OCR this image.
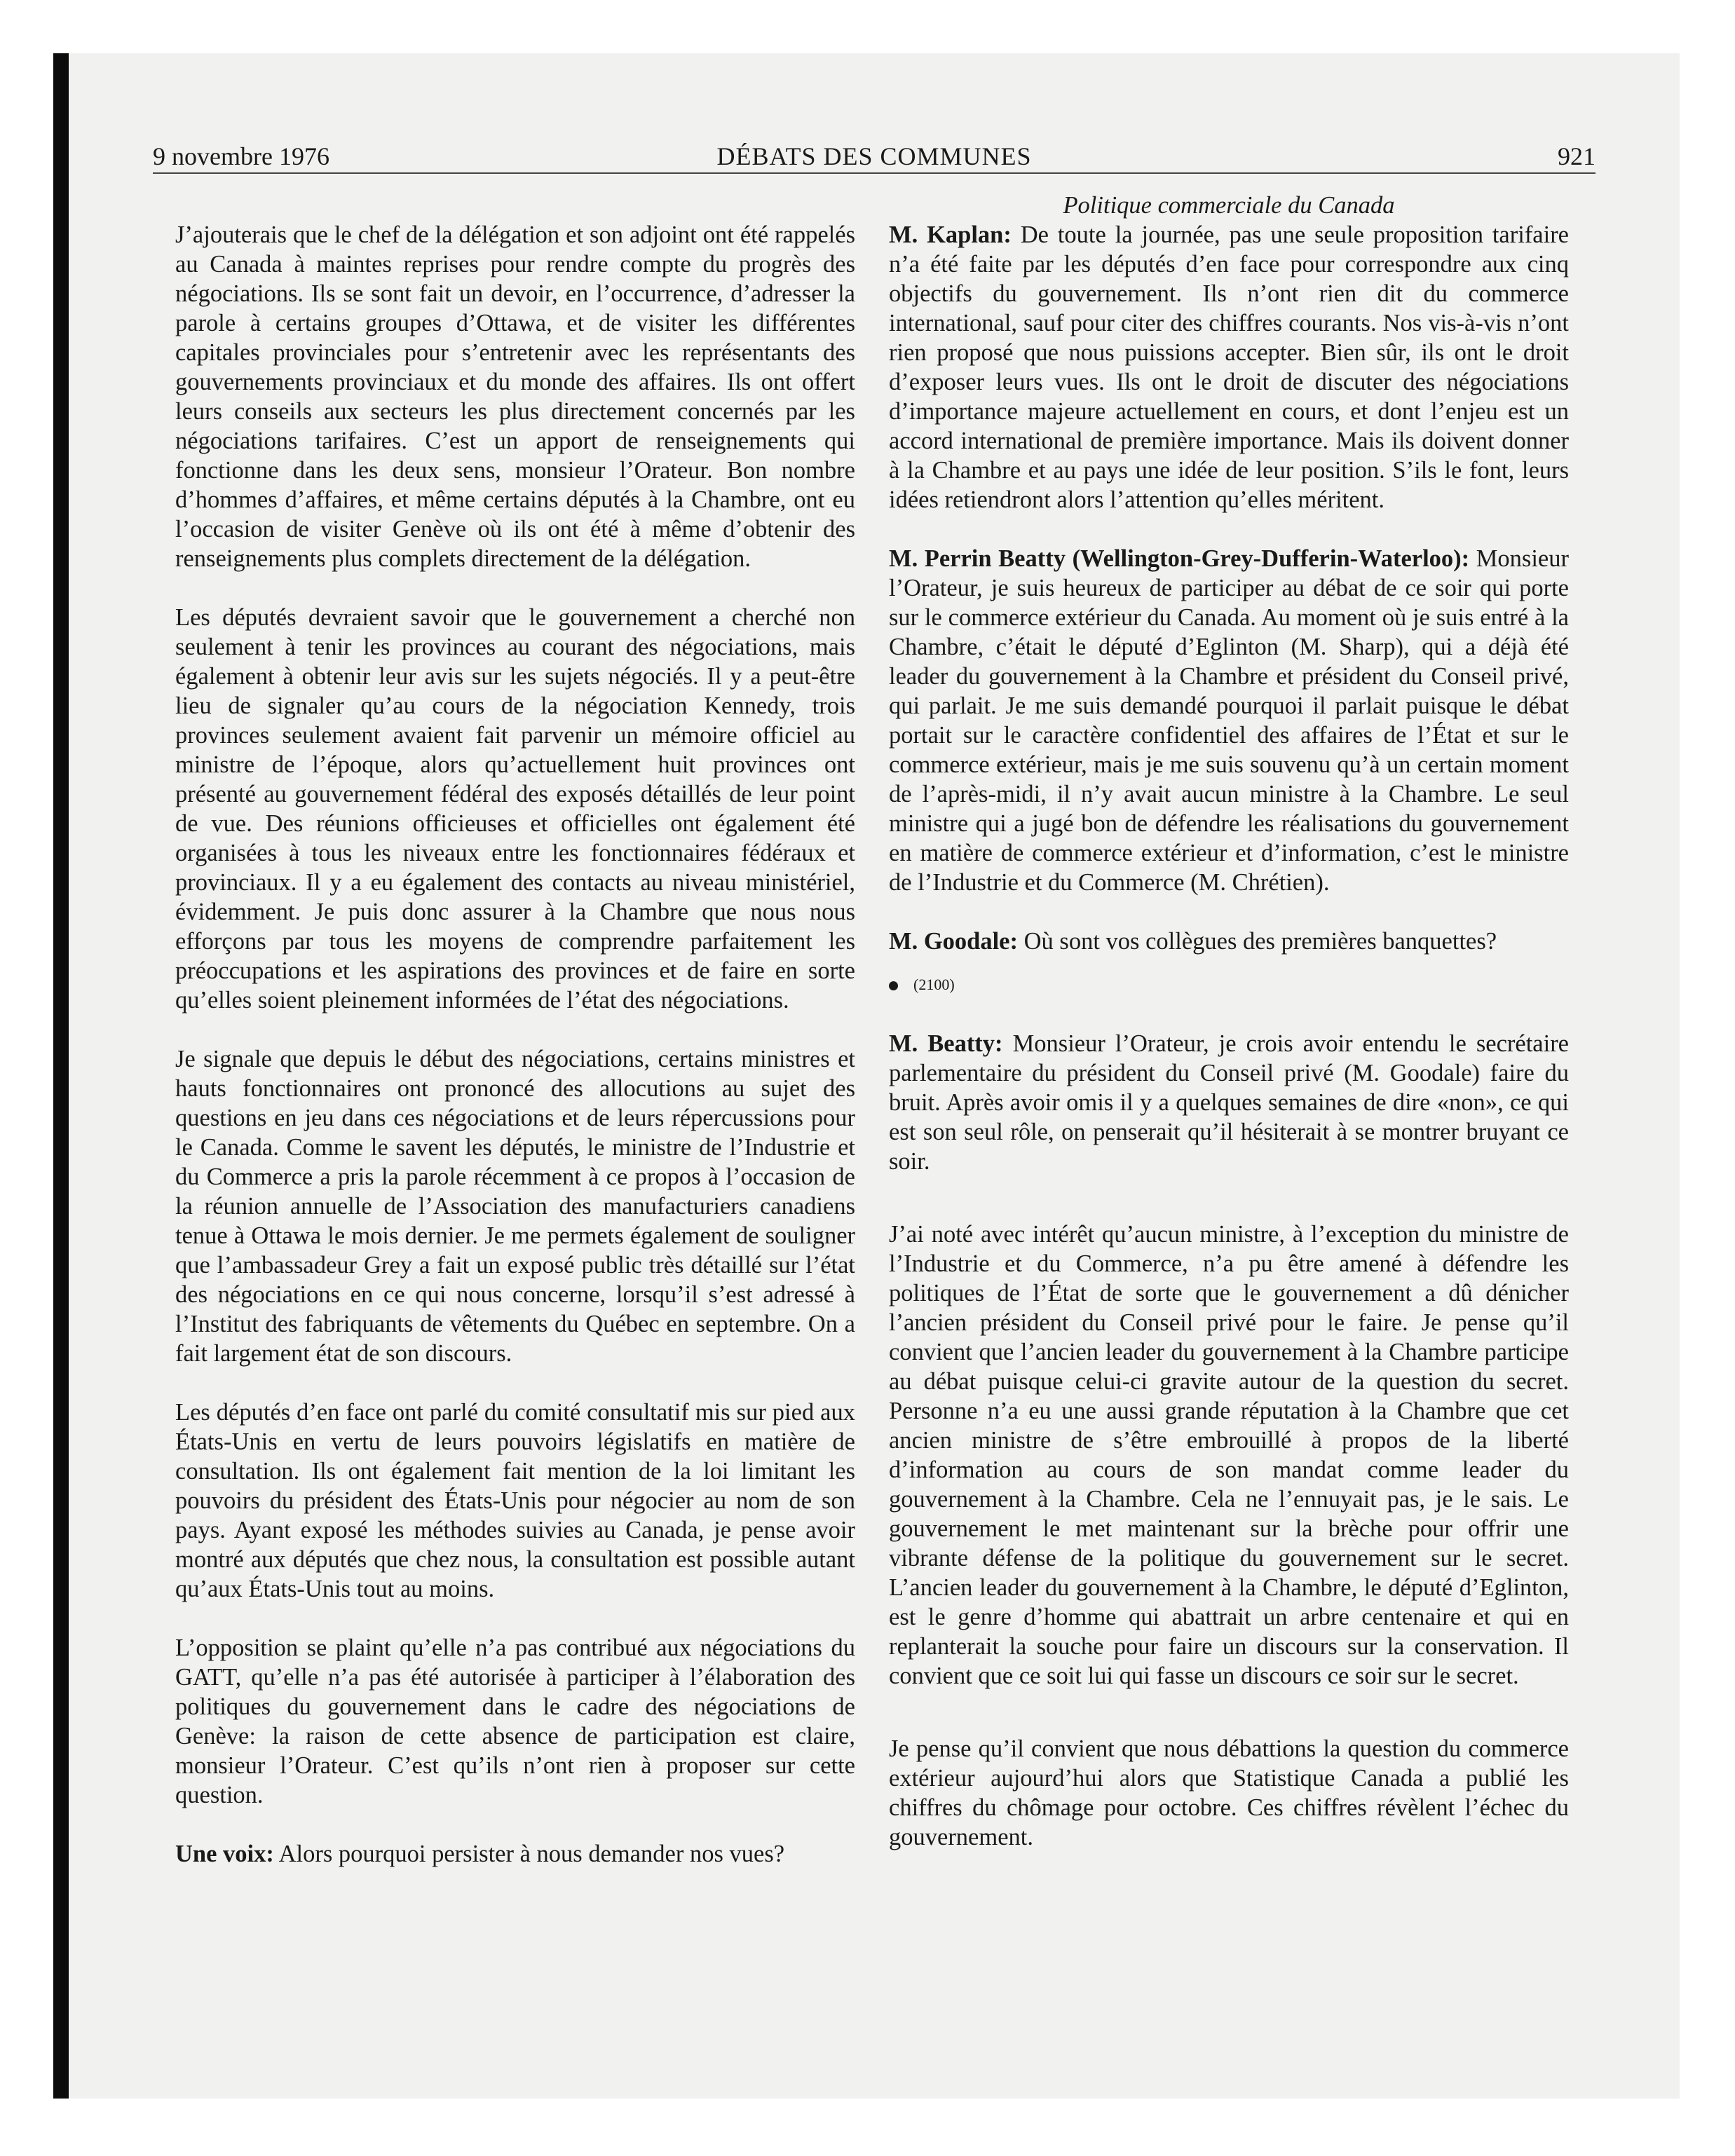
9 novembre 1976	DÉBATS DES COMMUNES	921

J’ajouterais que le chef de la délégation et son adjoint ont été rappelés au Canada à maintes reprises pour rendre compte du progrès des négociations. Ils se sont fait un devoir, en l’occurrence, d’adresser la parole à certains groupes d’Ottawa, et de visiter les différentes capitales provinciales pour s’entretenir avec les représentants des gouvernements provinciaux et du monde des affaires. Ils ont offert leurs conseils aux secteurs les plus directement concernés par les négociations tarifaires. C’est un apport de renseignements qui fonctionne dans les deux sens, monsieur l’Orateur. Bon nombre d’hommes d’affaires, et même certains députés à la Chambre, ont eu l’occasion de visiter Genève où ils ont été à même d’obtenir des renseignements plus complets directement de la délégation.

Les députés devraient savoir que le gouvernement a cherché non seulement à tenir les provinces au courant des négociations, mais également à obtenir leur avis sur les sujets négociés. Il y a peut-être lieu de signaler qu’au cours de la négociation Kennedy, trois provinces seulement avaient fait parvenir un mémoire officiel au ministre de l’époque, alors qu’actuellement huit provinces ont présenté au gouvernement fédéral des exposés détaillés de leur point de vue. Des réunions officieuses et officielles ont également été organisées à tous les niveaux entre les fonctionnaires fédéraux et provinciaux. Il y a eu également des contacts au niveau ministériel, évidemment. Je puis donc assurer à la Chambre que nous nous efforçons par tous les moyens de comprendre parfaitement les préoccupations et les aspirations des provinces et de faire en sorte qu’elles soient pleinement informées de l’état des négociations.

Je signale que depuis le début des négociations, certains ministres et hauts fonctionnaires ont prononcé des allocutions au sujet des questions en jeu dans ces négociations et de leurs répercussions pour le Canada. Comme le savent les députés, le ministre de l’Industrie et du Commerce a pris la parole récemment à ce propos à l’occasion de la réunion annuelle de l’Association des manufacturiers canadiens tenue à Ottawa le mois dernier. Je me permets également de souligner que l’ambassadeur Grey a fait un exposé public très détaillé sur l’état des négociations en ce qui nous concerne, lorsqu’il s’est adressé à l’Institut des fabriquants de vêtements du Québec en septembre. On a fait largement état de son discours.

Les députés d’en face ont parlé du comité consultatif mis sur pied aux États-Unis en vertu de leurs pouvoirs législatifs en matière de consultation. Ils ont également fait mention de la loi limitant les pouvoirs du président des États-Unis pour négocier au nom de son pays. Ayant exposé les méthodes suivies au Canada, je pense avoir montré aux députés que chez nous, la consultation est possible autant qu’aux États-Unis tout au moins.

L’opposition se plaint qu’elle n’a pas contribué aux négociations du GATT, qu’elle n’a pas été autorisée à participer à l’élaboration des politiques du gouvernement dans le cadre des négociations de Genève: la raison de cette absence de participation est claire, monsieur l’Orateur. C’est qu’ils n’ont rien à proposer sur cette question.

Une voix: Alors pourquoi persister à nous demander nos vues?

Politique commerciale du Canada

M. Kaplan: De toute la journée, pas une seule proposition tarifaire n’a été faite par les députés d’en face pour correspondre aux cinq objectifs du gouvernement. Ils n’ont rien dit du commerce international, sauf pour citer des chiffres courants. Nos vis-à-vis n’ont rien proposé que nous puissions accepter. Bien sûr, ils ont le droit d’exposer leurs vues. Ils ont le droit de discuter des négociations d’importance majeure actuellement en cours, et dont l’enjeu est un accord international de première importance. Mais ils doivent donner à la Chambre et au pays une idée de leur position. S’ils le font, leurs idées retiendront alors l’attention qu’elles méritent.

M. Perrin Beatty (Wellington-Grey-Dufferin-Waterloo): Monsieur l’Orateur, je suis heureux de participer au débat de ce soir qui porte sur le commerce extérieur du Canada. Au moment où je suis entré à la Chambre, c’était le député d’Eglinton (M. Sharp), qui a déjà été leader du gouvernement à la Chambre et président du Conseil privé, qui parlait. Je me suis demandé pourquoi il parlait puisque le débat portait sur le caractère confidentiel des affaires de l’État et sur le commerce extérieur, mais je me suis souvenu qu’à un certain moment de l’après-midi, il n’y avait aucun ministre à la Chambre. Le seul ministre qui a jugé bon de défendre les réalisations du gouvernement en matière de commerce extérieur et d’information, c’est le ministre de l’Industrie et du Commerce (M. Chrétien).

M. Goodale: Où sont vos collègues des premières banquettes?

(2100)

M. Beatty: Monsieur l’Orateur, je crois avoir entendu le secrétaire parlementaire du président du Conseil privé (M. Goodale) faire du bruit. Après avoir omis il y a quelques semaines de dire «non», ce qui est son seul rôle, on penserait qu’il hésiterait à se montrer bruyant ce soir.

J’ai noté avec intérêt qu’aucun ministre, à l’exception du ministre de l’Industrie et du Commerce, n’a pu être amené à défendre les politiques de l’État de sorte que le gouvernement a dû dénicher l’ancien président du Conseil privé pour le faire. Je pense qu’il convient que l’ancien leader du gouvernement à la Chambre participe au débat puisque celui-ci gravite autour de la question du secret. Personne n’a eu une aussi grande réputation à la Chambre que cet ancien ministre de s’être embrouillé à propos de la liberté d’information au cours de son mandat comme leader du gouvernement à la Chambre. Cela ne l’ennuyait pas, je le sais. Le gouvernement le met maintenant sur la brèche pour offrir une vibrante défense de la politique du gouvernement sur le secret. L’ancien leader du gouvernement à la Chambre, le député d’Eglinton, est le genre d’homme qui abattrait un arbre centenaire et qui en replanterait la souche pour faire un discours sur la conservation. Il convient que ce soit lui qui fasse un discours ce soir sur le secret.

Je pense qu’il convient que nous débattions la question du commerce extérieur aujourd’hui alors que Statistique Canada a publié les chiffres du chômage pour octobre. Ces chiffres révèlent l’échec du gouvernement.
